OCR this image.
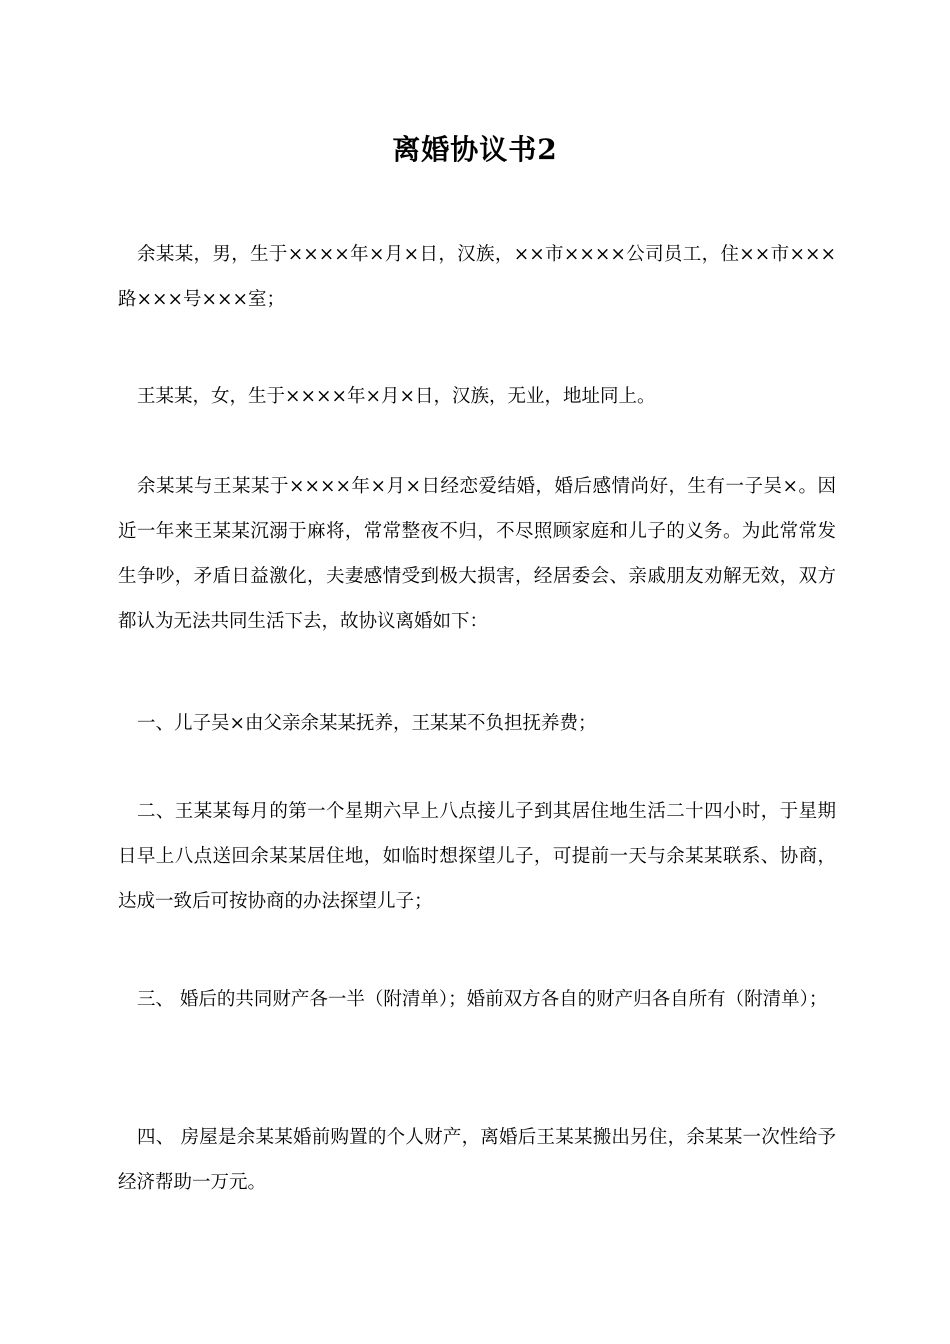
离婚协议书2

余某某，男，生于××××年×月×日，汉族，××市××××公司员工，住××市×××路×××号×××室；

王某某，女，生于××××年×月×日，汉族，无业，地址同上。

余某某与王某某于××××年×月×日经恋爱结婚，婚后感情尚好，生有一子吴×。因近一年来王某某沉溺于麻将，常常整夜不归，不尽照顾家庭和儿子的义务。为此常常发生争吵，矛盾日益激化，夫妻感情受到极大损害，经居委会、亲戚朋友劝解无效，双方都认为无法共同生活下去，故协议离婚如下：

一、儿子吴×由父亲余某某抚养，王某某不负担抚养费；

二、王某某每月的第一个星期六早上八点接儿子到其居住地生活二十四小时，于星期日早上八点送回余某某居住地，如临时想探望儿子，可提前一天与余某某联系、协商，达成一致后可按协商的办法探望儿子；

三、 婚后的共同财产各一半（附清单）；婚前双方各自的财产归各自所有（附清单）；

四、 房屋是余某某婚前购置的个人财产，离婚后王某某搬出另住，余某某一次性给予经济帮助一万元。
